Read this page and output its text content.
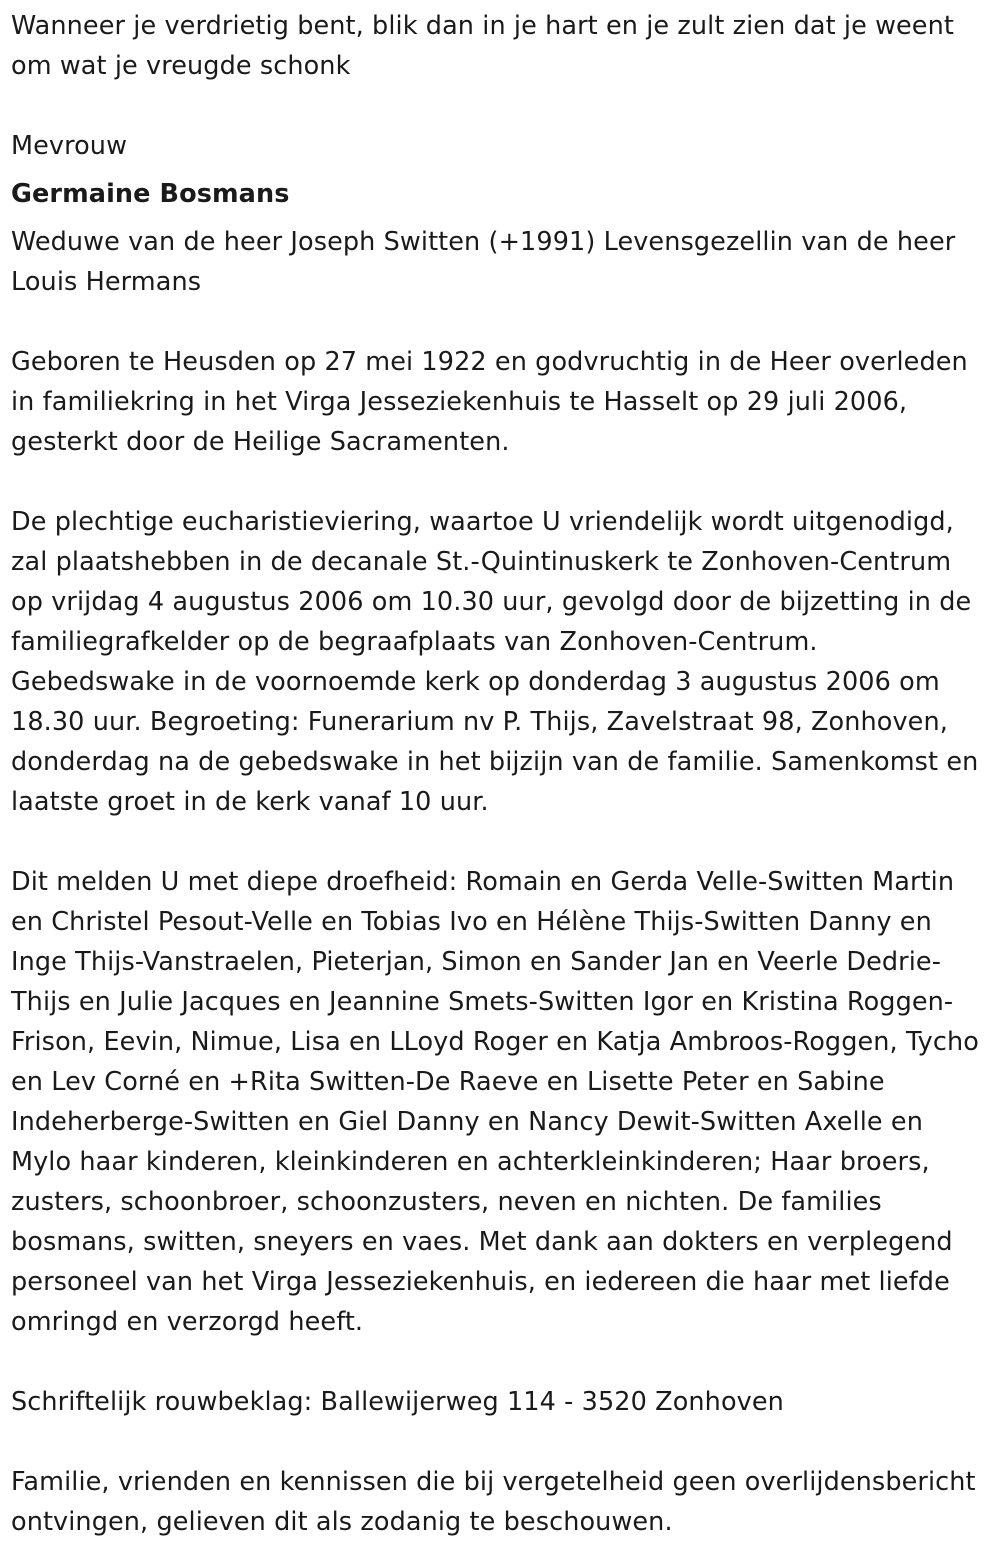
Wanneer je verdrietig bent, blik dan in je hart en je zult zien dat je weent om wat je vreugde schonk

Mevrouw

Germaine Bosmans

Weduwe van de heer Joseph Switten (+1991) Levensgezellin van de heer Louis Hermans

Geboren te Heusden op 27 mei 1922 en godvruchtig in de Heer overleden in familiekring in het Virga Jesseziekenhuis te Hasselt op 29 juli 2006, gesterkt door de Heilige Sacramenten.

De plechtige eucharistieviering, waartoe U vriendelijk wordt uitgenodigd, zal plaatshebben in de decanale St.-Quintinuskerk te Zonhoven-Centrum op vrijdag 4 augustus 2006 om 10.30 uur, gevolgd door de bijzetting in de familiegrafkelder op de begraafplaats van Zonhoven-Centrum. Gebedswake in de voornoemde kerk op donderdag 3 augustus 2006 om 18.30 uur. Begroeting: Funerarium nv P. Thijs, Zavelstraat 98, Zonhoven, donderdag na de gebedswake in het bijzijn van de familie. Samenkomst en laatste groet in de kerk vanaf 10 uur.

Dit melden U met diepe droefheid: Romain en Gerda Velle-Switten Martin en Christel Pesout-Velle en Tobias Ivo en Hélène Thijs-Switten Danny en Inge Thijs-Vanstraelen, Pieterjan, Simon en Sander Jan en Veerle Dedrie-Thijs en Julie Jacques en Jeannine Smets-Switten Igor en Kristina Roggen-Frison, Eevin, Nimue, Lisa en LLoyd Roger en Katja Ambroos-Roggen, Tycho en Lev Corné en +Rita Switten-De Raeve en Lisette Peter en Sabine Indeherberge-Switten en Giel Danny en Nancy Dewit-Switten Axelle en Mylo haar kinderen, kleinkinderen en achterkleinkinderen; Haar broers, zusters, schoonbroer, schoonzusters, neven en nichten. De families bosmans, switten, sneyers en vaes. Met dank aan dokters en verplegend personeel van het Virga Jesseziekenhuis, en iedereen die haar met liefde omringd en verzorgd heeft.

Schriftelijk rouwbeklag: Ballewijerweg 114 - 3520 Zonhoven

Familie, vrienden en kennissen die bij vergetelheid geen overlijdensbericht ontvingen, gelieven dit als zodanig te beschouwen.
